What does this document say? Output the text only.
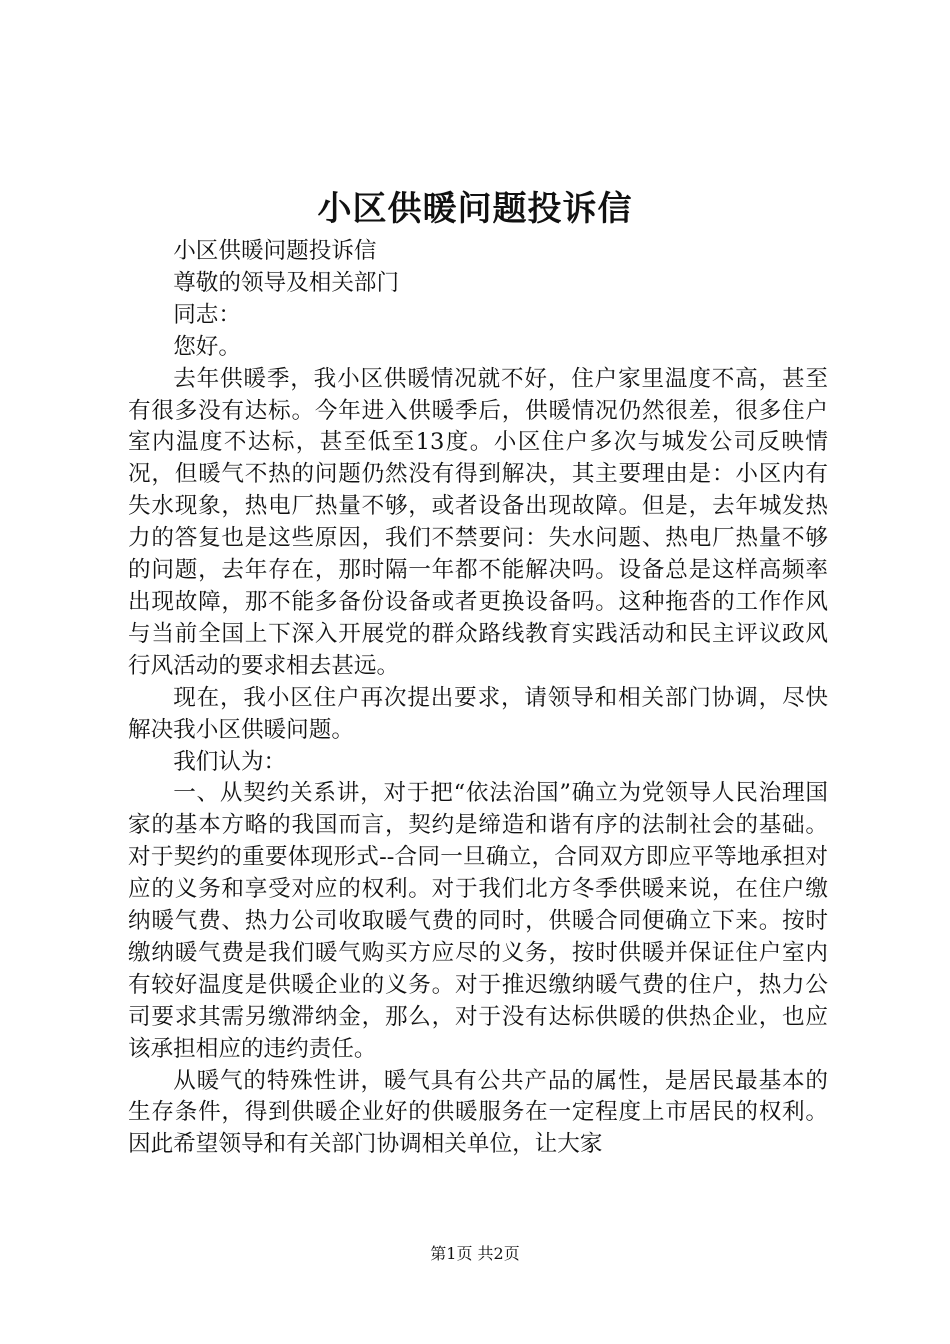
小区供暖问题投诉信

小区供暖问题投诉信

尊敬的领导及相关部门

同志：

您好。

去年供暖季，我小区供暖情况就不好，住户家里温度不高，甚至有很多没有达标。今年进入供暖季后，供暖情况仍然很差，很多住户室内温度不达标，甚至低至13度。小区住户多次与城发公司反映情况，但暖气不热的问题仍然没有得到解决，其主要理由是：小区内有失水现象，热电厂热量不够，或者设备出现故障。但是，去年城发热力的答复也是这些原因，我们不禁要问：失水问题、热电厂热量不够的问题，去年存在，那时隔一年都不能解决吗。设备总是这样高频率出现故障，那不能多备份设备或者更换设备吗。这种拖沓的工作作风与当前全国上下深入开展党的群众路线教育实践活动和民主评议政风行风活动的要求相去甚远。

现在，我小区住户再次提出要求，请领导和相关部门协调，尽快解决我小区供暖问题。

我们认为：

一、从契约关系讲，对于把“依法治国”确立为党领导人民治理国家的基本方略的我国而言，契约是缔造和谐有序的法制社会的基础。对于契约的重要体现形式--合同一旦确立，合同双方即应平等地承担对应的义务和享受对应的权利。对于我们北方冬季供暖来说，在住户缴纳暖气费、热力公司收取暖气费的同时，供暖合同便确立下来。按时缴纳暖气费是我们暖气购买方应尽的义务，按时供暖并保证住户室内有较好温度是供暖企业的义务。对于推迟缴纳暖气费的住户，热力公司要求其需另缴滞纳金，那么，对于没有达标供暖的供热企业，也应该承担相应的违约责任。

从暖气的特殊性讲，暖气具有公共产品的属性，是居民最基本的生存条件，得到供暖企业好的供暖服务在一定程度上市居民的权利。因此希望领导和有关部门协调相关单位，让大家

第1页 共2页
